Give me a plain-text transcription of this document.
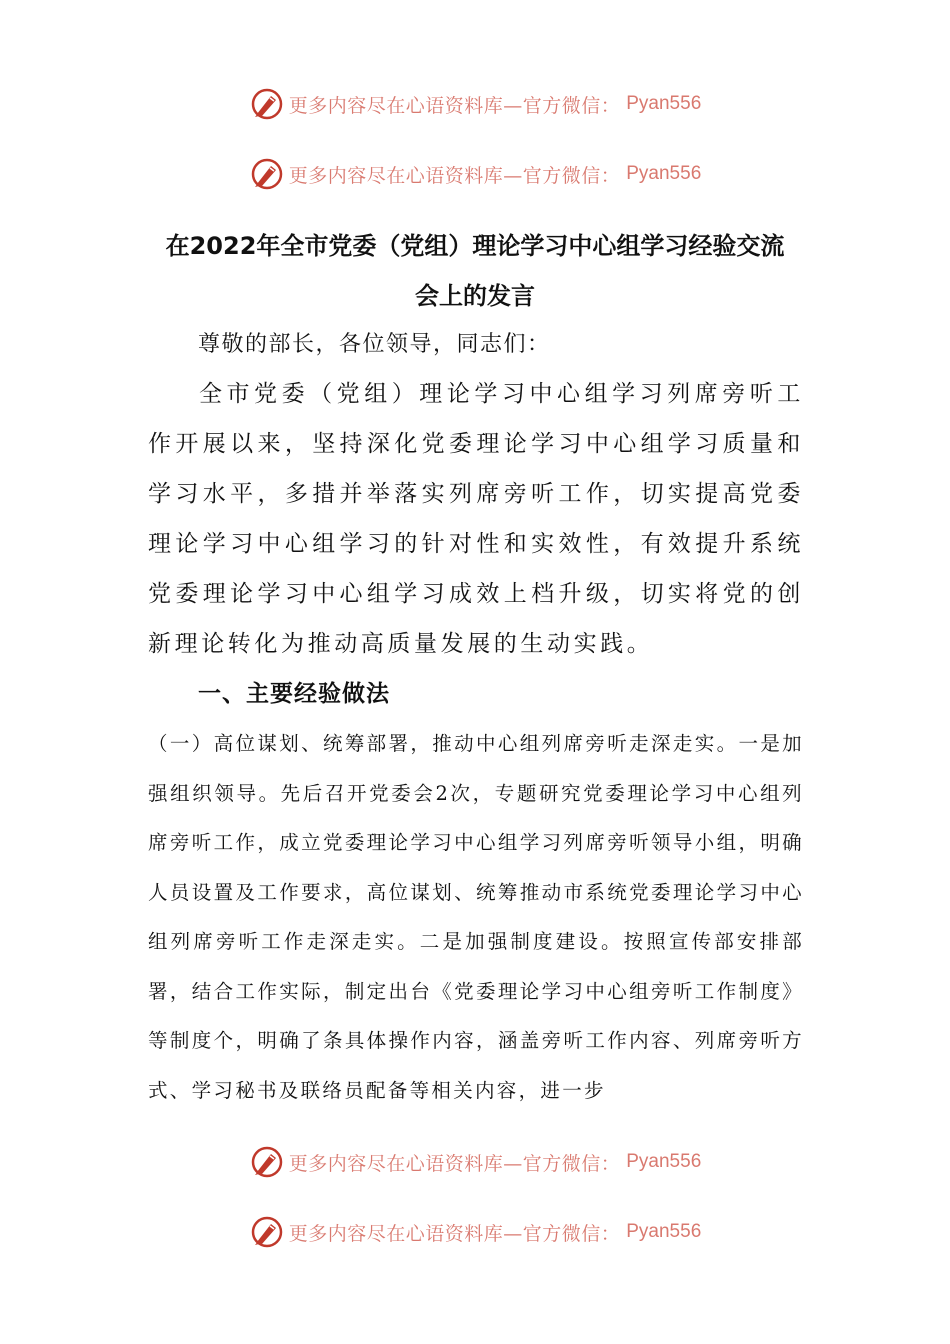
更多内容尽在心语资料库—官方微信： Pyan556
更多内容尽在心语资料库—官方微信： Pyan556
在2022年全市党委（党组）理论学习中心组学习经验交流
会上的发言
尊敬的部长，各位领导，同志们：

全市党委（党组）理论学习中心组学习列席旁听工作开展以来，坚持深化党委理论学习中心组学习质量和学习水平，多措并举落实列席旁听工作，切实提高党委理论学习中心组学习的针对性和实效性，有效提升系统党委理论学习中心组学习成效上档升级，切实将党的创新理论转化为推动高质量发展的生动实践。

一、主要经验做法

（一）高位谋划、统筹部署，推动中心组列席旁听走深走实。一是加强组织领导。先后召开党委会2次，专题研究党委理论学习中心组列席旁听工作，成立党委理论学习中心组学习列席旁听领导小组，明确人员设置及工作要求，高位谋划、统筹推动市系统党委理论学习中心组列席旁听工作走深走实。二是加强制度建设。按照宣传部安排部署，结合工作实际，制定出台《党委理论学习中心组旁听工作制度》等制度个，明确了条具体操作内容，涵盖旁听工作内容、列席旁听方式、学习秘书及联络员配备等相关内容，进一步

更多内容尽在心语资料库—官方微信： Pyan556
更多内容尽在心语资料库—官方微信： Pyan556
